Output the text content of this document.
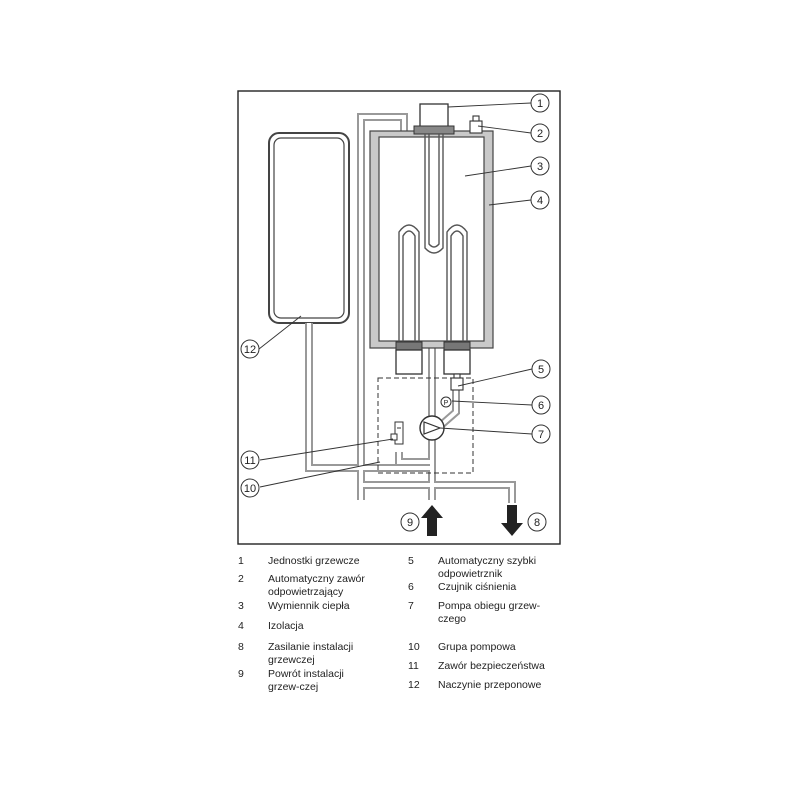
P
1
2
3
4
5
6
7
8
9
10
11
12
1	Jednostki grzewcze
2	Automatyczny zawór odpowietrzający
3	Wymiennik ciepła
4	Izolacja
8	Zasilanie instalacji grzewczej
9	Powrót instalacji grzew-czej
5	Automatyczny szybki odpowietrznik
6	Czujnik ciśnienia
7	Pompa obiegu grzew-czego
10	Grupa pompowa
11	Zawór bezpieczeństwa
12	Naczynie przeponowe
